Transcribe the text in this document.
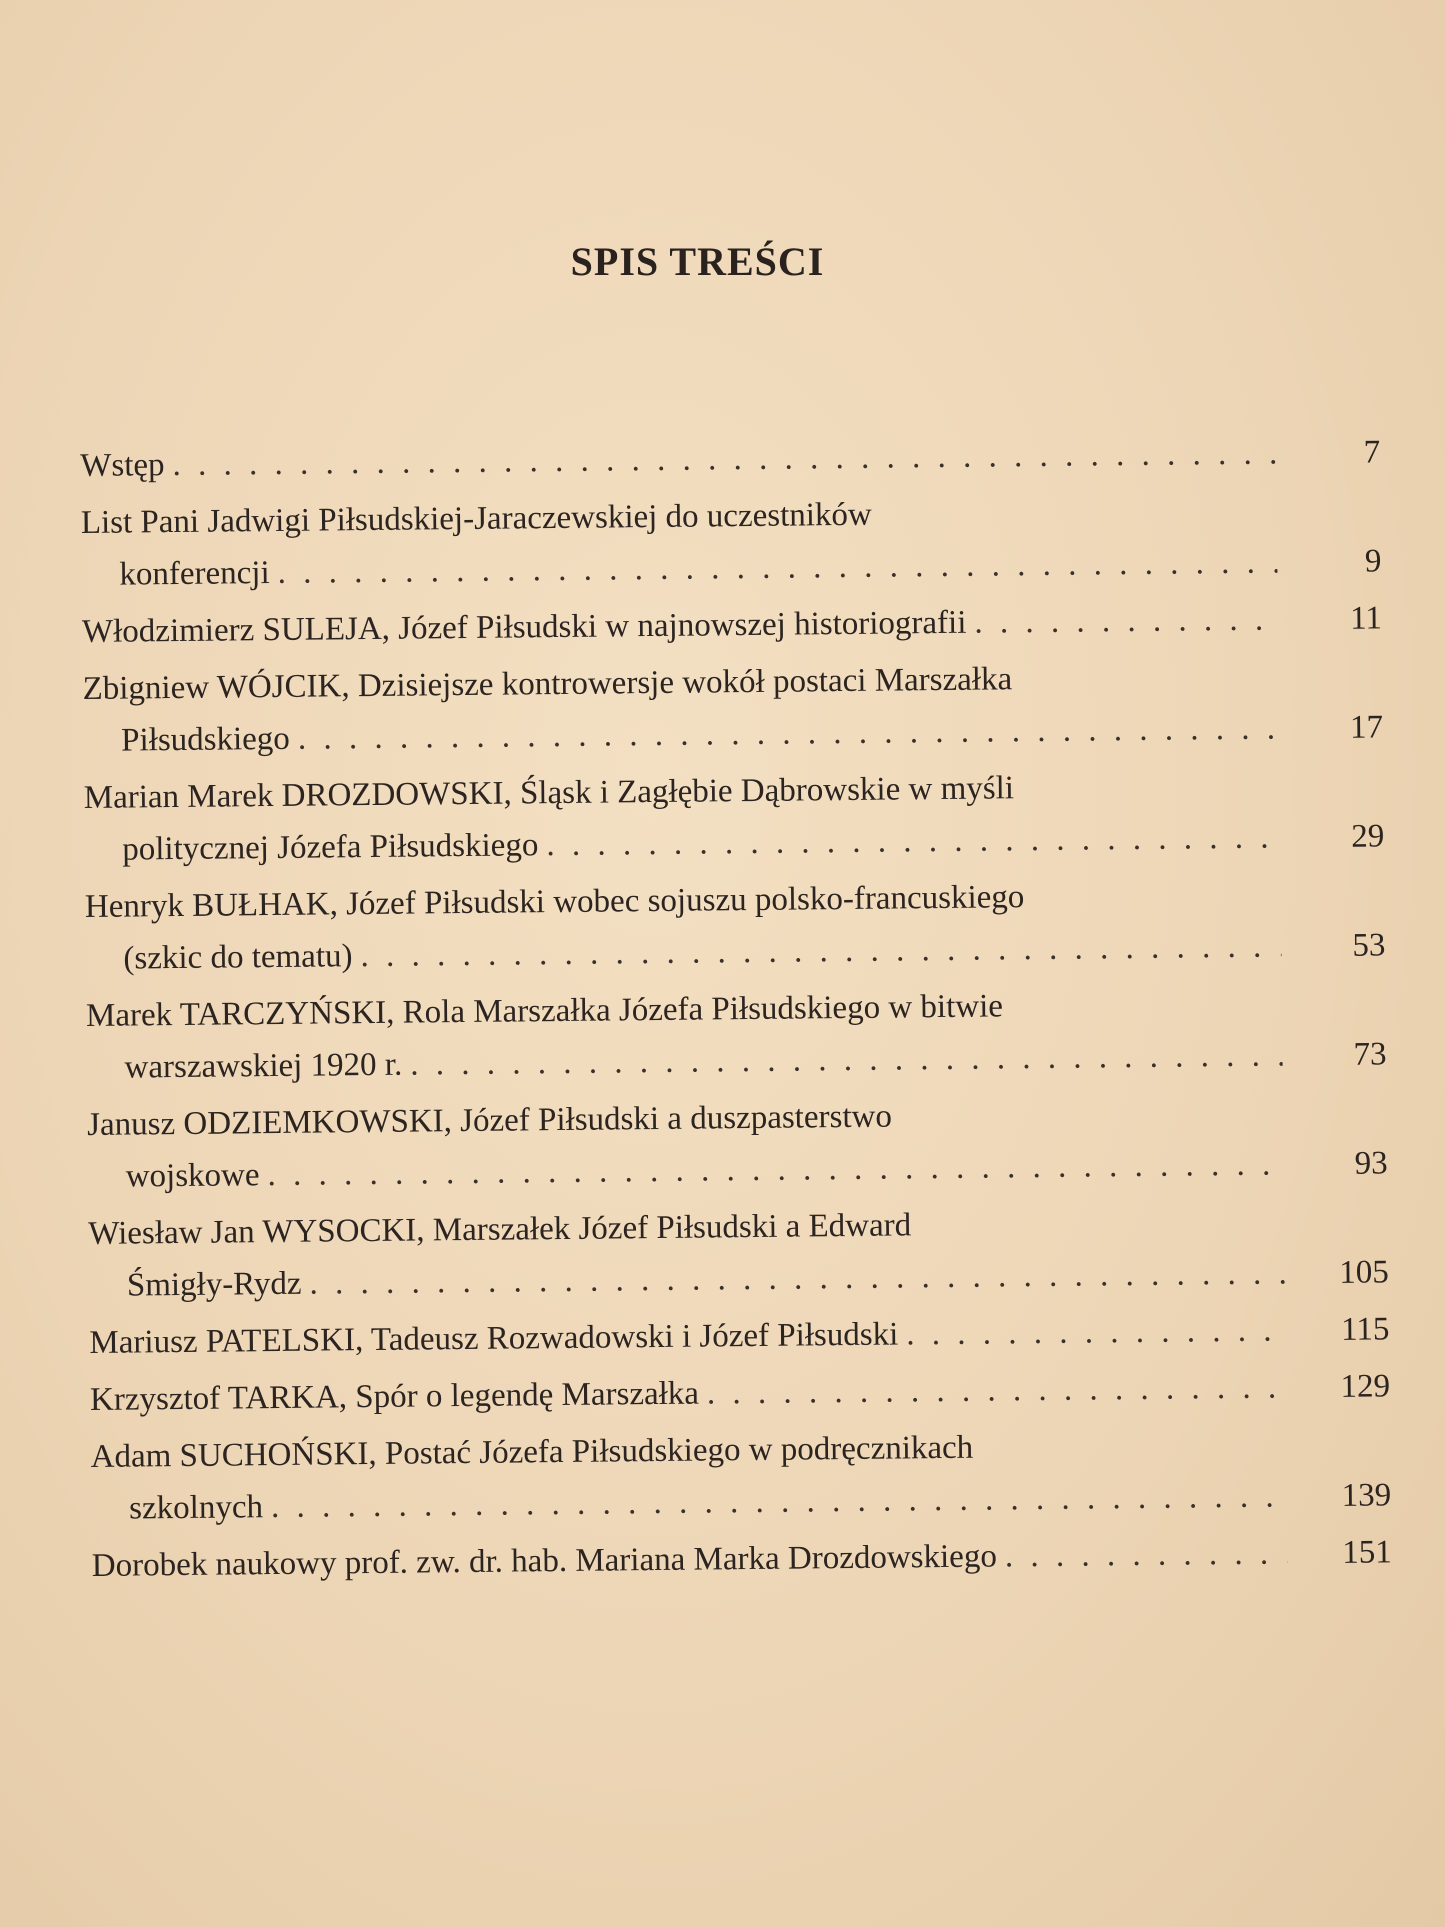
SPIS TREŚCI
Wstęp . .	7
List Pani Jadwigi Piłsudskiej-Jaraczewskiej do uczestników
konferencji . .	9
Włodzimierz SULEJA, Józef Piłsudski w najnowszej historiografii . .	11
Zbigniew WÓJCIK, Dzisiejsze kontrowersje wokół postaci Marszałka
Piłsudskiego . .	17
Marian Marek DROZDOWSKI, Śląsk i Zagłębie Dąbrowskie w myśli
politycznej Józefa Piłsudskiego . .	29
Henryk BUŁHAK, Józef Piłsudski wobec sojuszu polsko-francuskiego
(szkic do tematu) . .	53
Marek TARCZYŃSKI, Rola Marszałka Józefa Piłsudskiego w bitwie
warszawskiej 1920 r. . .	73
Janusz ODZIEMKOWSKI, Józef Piłsudski a duszpasterstwo
wojskowe . .	93
Wiesław Jan WYSOCKI, Marszałek Józef Piłsudski a Edward
Śmigły-Rydz . .	105
Mariusz PATELSKI, Tadeusz Rozwadowski i Józef Piłsudski . .	115
Krzysztof TARKA, Spór o legendę Marszałka . .	129
Adam SUCHOŃSKI, Postać Józefa Piłsudskiego w podręcznikach
szkolnych . .	139
Dorobek naukowy prof. zw. dr. hab. Mariana Marka Drozdowskiego . .	151
